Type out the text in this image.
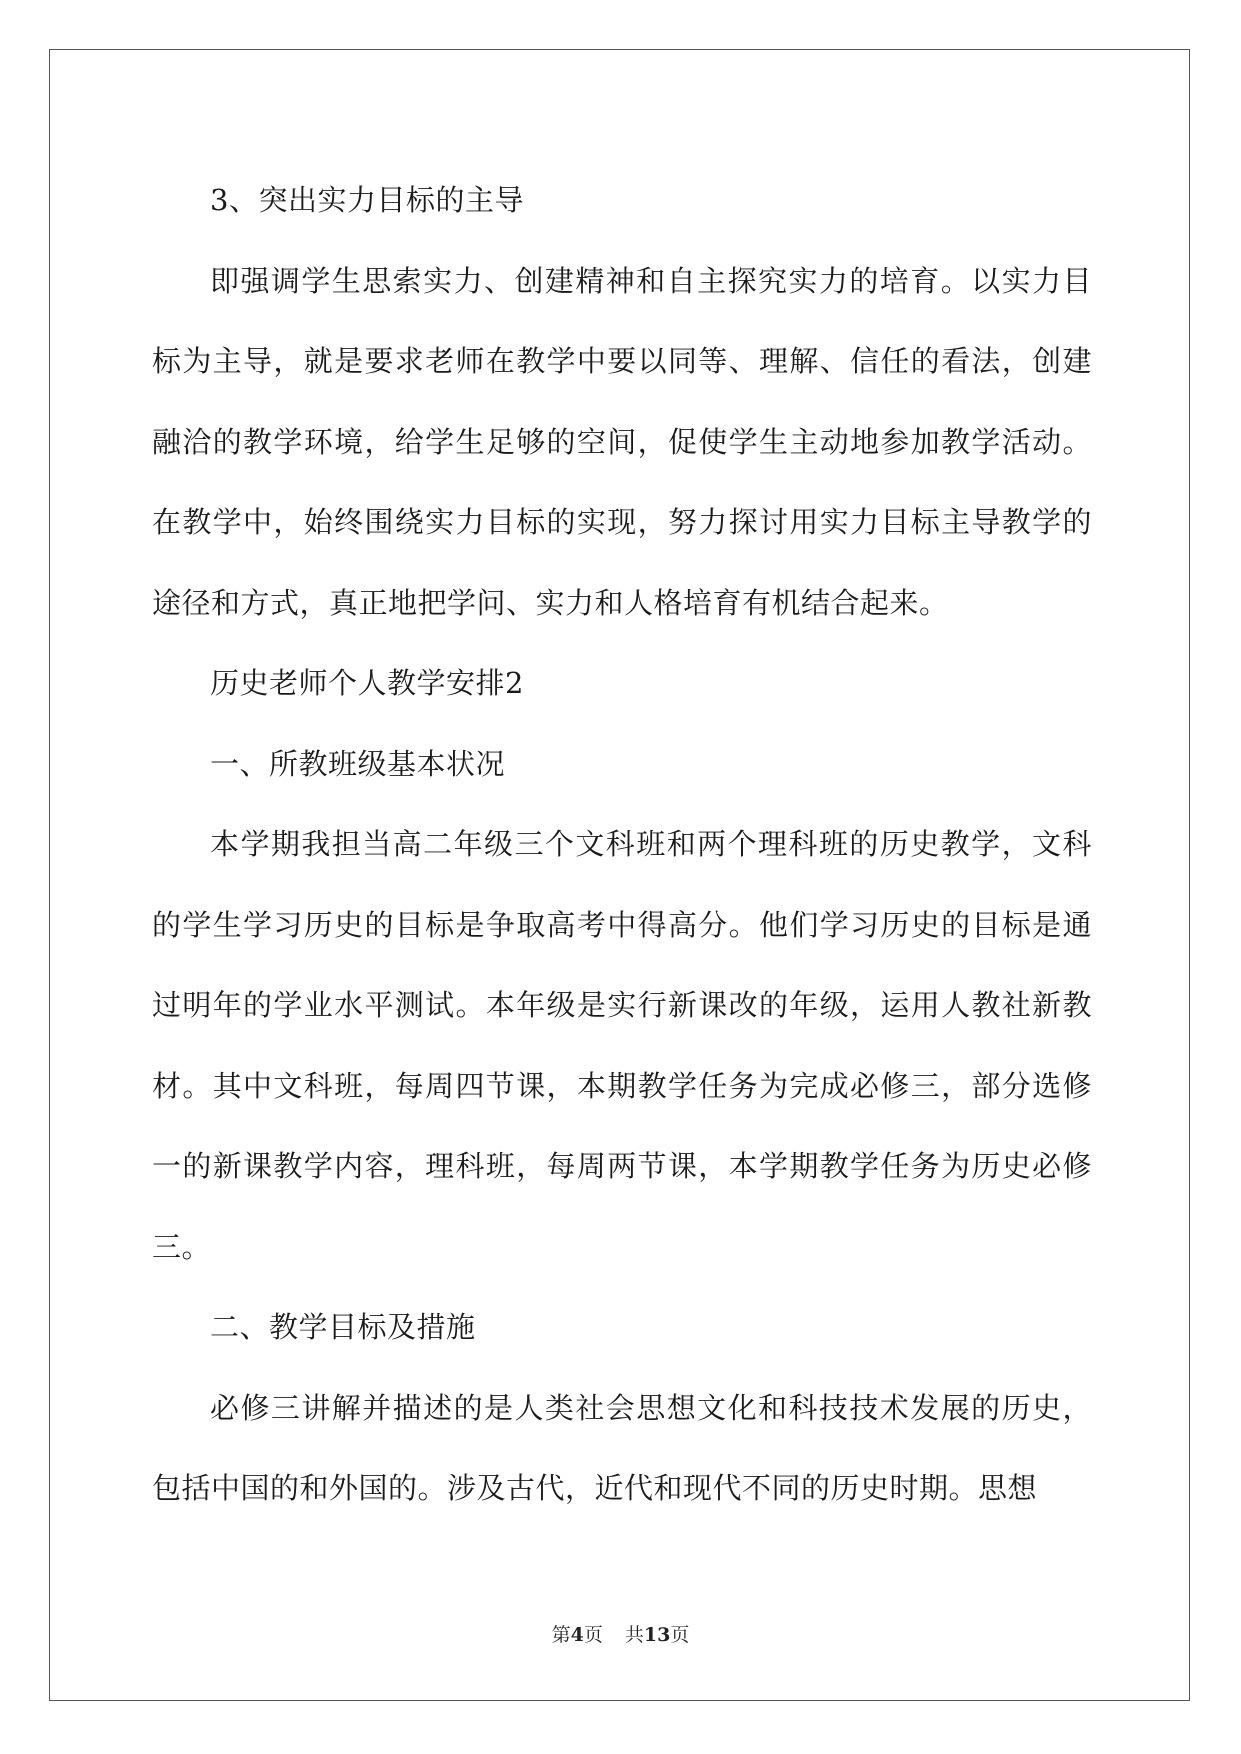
3、突出实力目标的主导

即强调学生思索实力、创建精神和自主探究实力的培育。以实力目标为主导，就是要求老师在教学中要以同等、理解、信任的看法，创建融洽的教学环境，给学生足够的空间，促使学生主动地参加教学活动。在教学中，始终围绕实力目标的实现，努力探讨用实力目标主导教学的途径和方式，真正地把学问、实力和人格培育有机结合起来。

历史老师个人教学安排2

一、所教班级基本状况

本学期我担当高二年级三个文科班和两个理科班的历史教学，文科的学生学习历史的目标是争取高考中得高分。他们学习历史的目标是通过明年的学业水平测试。本年级是实行新课改的年级，运用人教社新教材。其中文科班，每周四节课，本期教学任务为完成必修三，部分选修一的新课教学内容，理科班，每周两节课，本学期教学任务为历史必修三。

二、教学目标及措施

必修三讲解并描述的是人类社会思想文化和科技技术发展的历史，包括中国的和外国的。涉及古代，近代和现代不同的历史时期。思想

第4页 共13页
